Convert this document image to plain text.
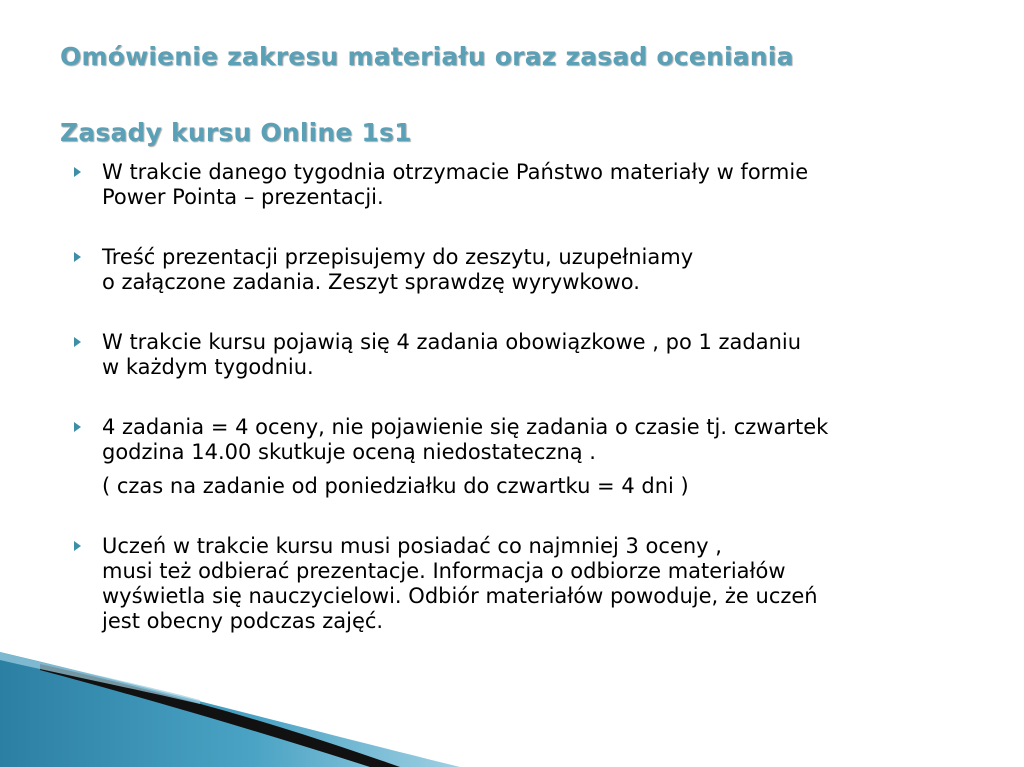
Omówienie zakresu materiału oraz zasad oceniania
Zasady kursu Online 1s1
W trakcie danego tygodnia otrzymacie Państwo materiały w formie
Power Pointa – prezentacji.
Treść prezentacji przepisujemy do zeszytu, uzupełniamy
o załączone zadania. Zeszyt sprawdzę wyrywkowo.
W trakcie kursu pojawią się 4 zadania obowiązkowe , po 1 zadaniu
w każdym tygodniu.
4 zadania = 4 oceny, nie pojawienie się zadania o czasie tj. czwartek
godzina 14.00 skutkuje oceną niedostateczną .
( czas na zadanie od poniedziałku do czwartku = 4 dni )
Uczeń w trakcie kursu musi posiadać co najmniej 3 oceny ,
musi też odbierać prezentacje. Informacja o odbiorze materiałów
wyświetla się nauczycielowi. Odbiór materiałów powoduje, że uczeń
jest obecny podczas zajęć.
